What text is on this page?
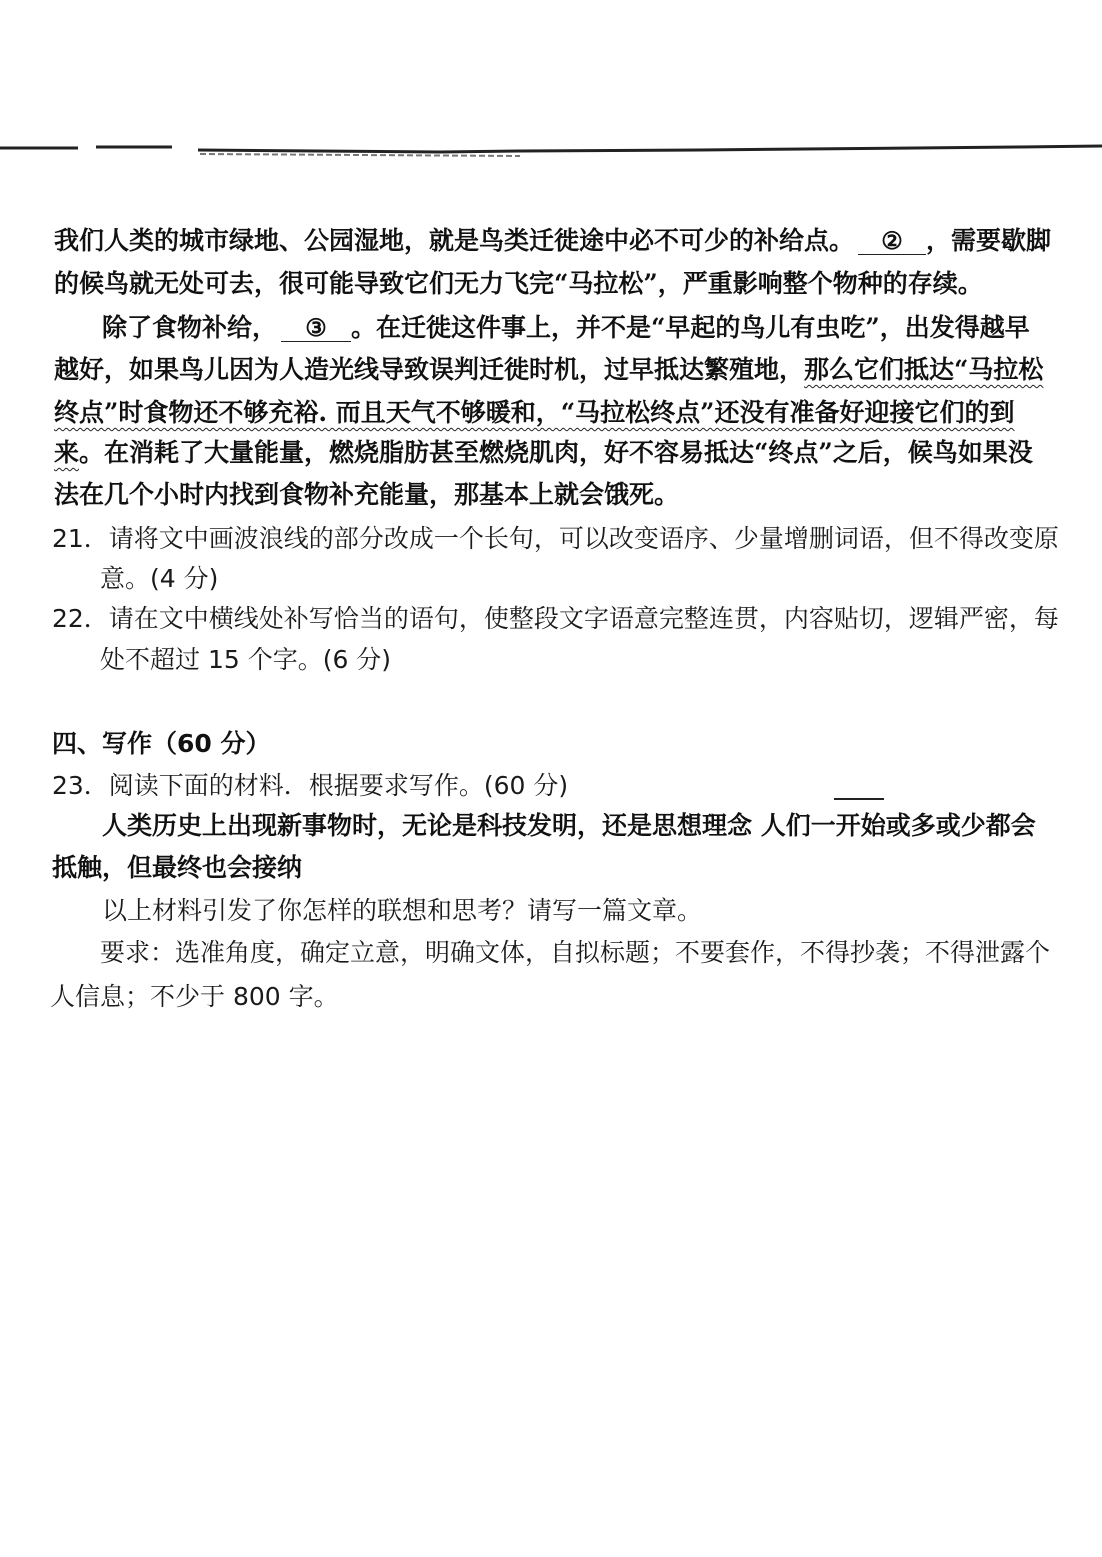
我们人类的城市绿地、公园湿地，就是鸟类迁徙途中必不可少的补给点。 ② ，需要歇脚
的候鸟就无处可去，很可能导致它们无力飞完“马拉松”，严重影响整个物种的存续。
除了食物补给， ③ 。在迁徙这件事上，并不是“早起的鸟儿有虫吃”，出发得越早
越好，如果鸟儿因为人造光线导致误判迁徙时机，过早抵达繁殖地，那么它们抵达“马拉松
终点”时食物还不够充裕. 而且天气不够暖和，“马拉松终点”还没有准备好迎接它们的到
来。在消耗了大量能量，燃烧脂肪甚至燃烧肌肉，好不容易抵达“终点”之后，候鸟如果没
法在几个小时内找到食物补充能量，那基本上就会饿死。
21．请将文中画波浪线的部分改成一个长句，可以改变语序、少量增删词语，但不得改变原
意。(4 分)
22．请在文中横线处补写恰当的语句，使整段文字语意完整连贯，内容贴切，逻辑严密，每
处不超过 15 个字。(6 分)
四、写作（60 分）
23．阅读下面的材料．根据要求写作。(60 分)
人类历史上出现新事物时，无论是科技发明，还是思想理念 人们一开始或多或少都会
抵触，但最终也会接纳
以上材料引发了你怎样的联想和思考？请写一篇文章。
要求：选准角度，确定立意，明确文体，自拟标题；不要套作，不得抄袭；不得泄露个
人信息；不少于 800 字。
